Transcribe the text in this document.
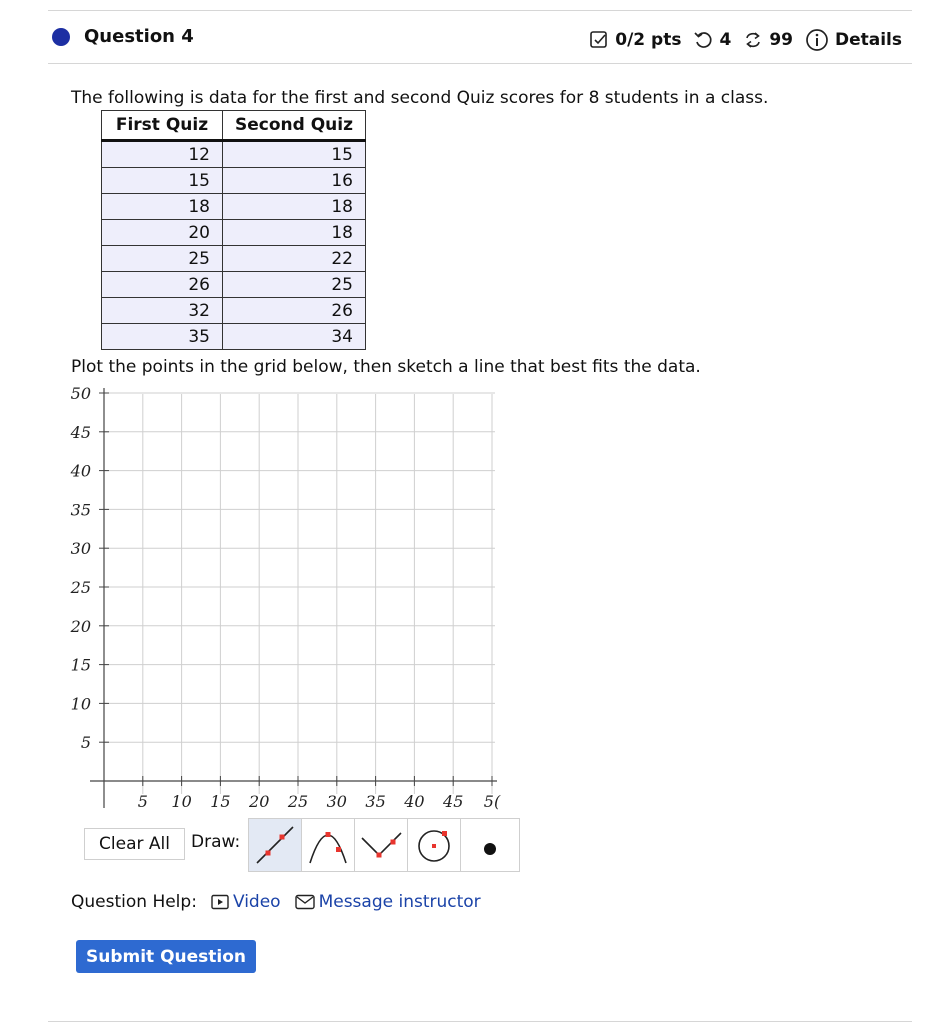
Question 4	0/2 pts 4 99 Details
The following is data for the first and second Quiz scores for 8 students in a class.
First Quiz	Second Quiz
12	15
15	16
18	18
20	18
25	22
26	25
32	26
35	34
Plot the points in the grid below, then sketch a line that best fits the data.
5 10 15 20 25 30 35 40 45 5(
50
45
40
35
30
25
20
15
10
5
Clear All	Draw:
Question Help: Video Message instructor
Submit Question
